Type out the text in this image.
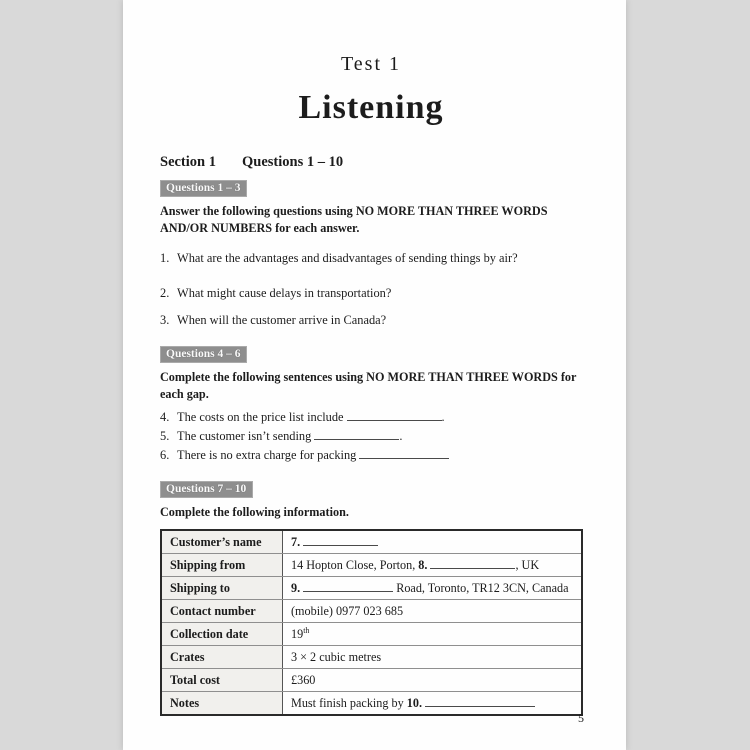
Test 1
Listening
Section 1 Questions 1 – 10
Questions 1 – 3
Answer the following questions using NO MORE THAN THREE WORDS AND/OR NUMBERS for each answer.
1. What are the advantages and disadvantages of sending things by air?
2. What might cause delays in transportation?
3. When will the customer arrive in Canada?
Questions 4 – 6
Complete the following sentences using NO MORE THAN THREE WORDS for each gap.
4. The costs on the price list include	.
5. The customer isn’t sending	.
6. There is no extra charge for packing
Questions 7 – 10
Complete the following information.
Customer’s name	7.
Shipping from	14 Hopton Close, Porton, 8. , UK
Shipping to	9. Road, Toronto, TR12 3CN, Canada
Contact number	(mobile) 0977 023 685
Collection date	19th
Crates	3 × 2 cubic metres
Total cost	£360
Notes	Must finish packing by 10.
5
